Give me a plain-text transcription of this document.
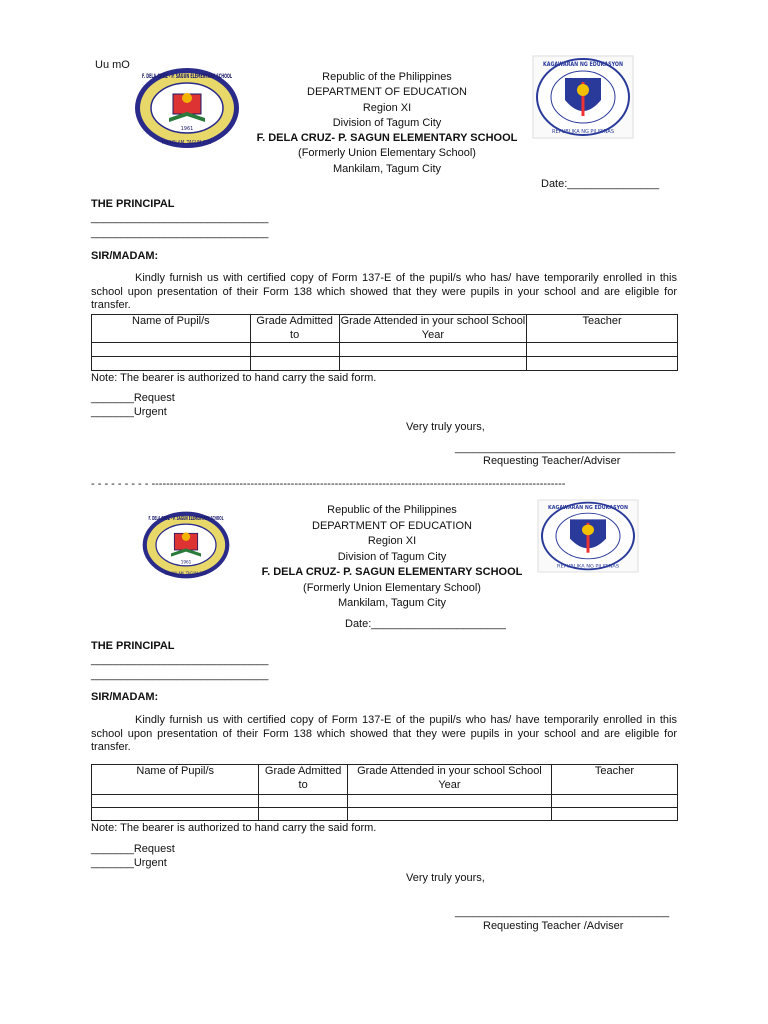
Uu mO
1961
F. DELA CRUZ - P. SAGUN ELEMENTARY SCHOOL
MANKILAM, TAGUM CITY
Republic of the Philippines
DEPARTMENT OF EDUCATION
Region XI
Division of Tagum City
F. DELA CRUZ- P. SAGUN ELEMENTARY SCHOOL
(Formerly Union Elementary School)
Mankilam, Tagum City
KAGAWARAN NG EDUKASYON
REPUBLIKA NG PILIPINAS
Date:_______________
THE PRINCIPAL
_____________________________
_____________________________
SIR/MADAM:
Kindly furnish us with certified copy of Form 137-E of the pupil/s who has/ have temporarily enrolled in this school upon presentation of their Form 138 which showed that they were pupils in your school and are eligible for transfer.
Name of Pupil/s	Grade Admitted to	Grade Attended in your school School Year	Teacher

Note: The bearer is authorized to hand carry the said form.
_______Request
_______Urgent
Very truly yours,
____________________________________
Requesting Teacher/Adviser
- - - - - - - - - -----------------------------------------------------------------------------------------------------------------
1961
F. DELA CRUZ - P. SAGUN ELEMENTARY SCHOOL
MANKILAM, TAGUM CITY
Republic of the Philippines
DEPARTMENT OF EDUCATION
Region XI
Division of Tagum City
F. DELA CRUZ- P. SAGUN ELEMENTARY SCHOOL
(Formerly Union Elementary School)
Mankilam, Tagum City
KAGAWARAN NG EDUKASYON
REPUBLIKA NG PILIPINAS
Date:______________________
THE PRINCIPAL
_____________________________
_____________________________
SIR/MADAM:
Kindly furnish us with certified copy of Form 137-E of the pupil/s who has/ have temporarily enrolled in this school upon presentation of their Form 138 which showed that they were pupils in your school and are eligible for transfer.
Name of Pupil/s	Grade Admitted to	Grade Attended in your school School Year	Teacher

Note: The bearer is authorized to hand carry the said form.
_______Request
_______Urgent
Very truly yours,
___________________________________
Requesting Teacher /Adviser
